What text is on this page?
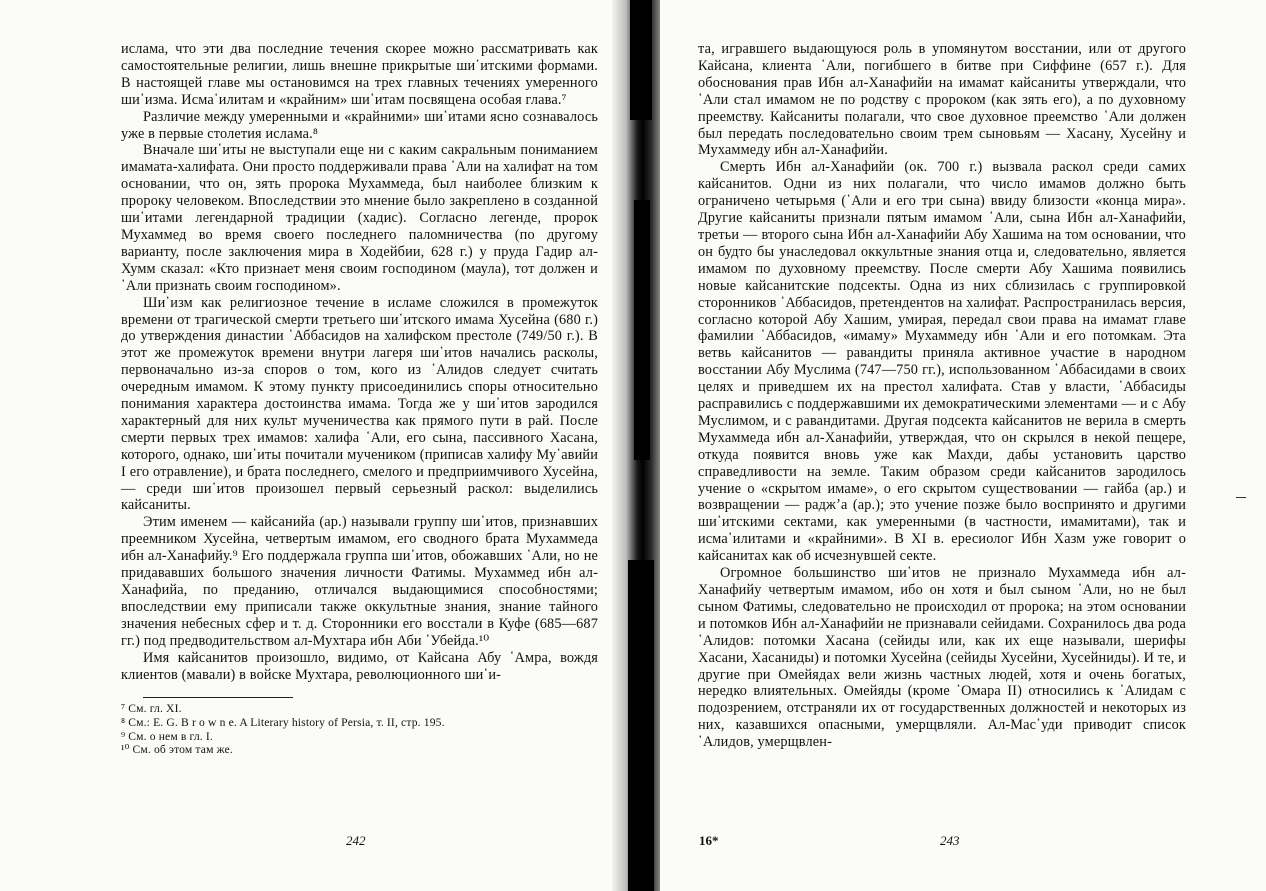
ислама, что эти два последние течения скорее можно рассматривать как самостоятельные религии, лишь внешне прикрытые ши῾итскими формами. В настоящей главе мы остановимся на трех главных течениях умеренного ши῾изма. Исма῾илитам и «крайним» ши῾итам посвящена особая глава.⁷

Различие между умеренными и «крайними» ши῾итами ясно сознавалось уже в первые столетия ислама.⁸

Вначале ши῾иты не выступали еще ни с каким сакральным пониманием имамата-халифата. Они просто поддерживали права ῾Али на халифат на том основании, что он, зять пророка Мухаммеда, был наиболее близким к пророку человеком. Впоследствии это мнение было закреплено в созданной ши῾итами легендарной традиции (хадис). Согласно легенде, пророк Мухаммед во время своего последнего паломничества (по другому варианту, после заключения мира в Ходейбии, 628 г.) у пруда Гадир ал-Хумм сказал: «Кто признает меня своим господином (маула), тот должен и ῾Али признать своим господином».

Ши῾изм как религиозное течение в исламе сложился в промежуток времени от трагической смерти третьего ши῾итского имама Хусейна (680 г.) до утверждения династии ῾Аббасидов на халифском престоле (749/50 г.). В этот же промежуток времени внутри лагеря ши῾итов начались расколы, первоначально из-за споров о том, кого из ῾Алидов следует считать очередным имамом. К этому пункту присоединились споры относительно понимания характера достоинства имама. Тогда же у ши῾итов зародился характерный для них культ мученичества как прямого пути в рай. После смерти первых трех имамов: халифа ῾Али, его сына, пассивного Хасана, которого, однако, ши῾иты почитали мучеником (приписав халифу Му῾авийи I его отравление), и брата последнего, смелого и предприимчивого Хусейна,— среди ши῾итов произошел первый серьезный раскол: выделились кайсаниты.

Этим именем — кайсанийа (ар.) называли группу ши῾итов, признавших преемником Хусейна, четвертым имамом, его сводного брата Мухаммеда ибн ал-Ханафийу.⁹ Его поддержала группа ши῾итов, обожавших ῾Али, но не придававших большого значения личности Фатимы. Мухаммед ибн ал-Ханафийа, по преданию, отличался выдающимися способностями; впоследствии ему приписали также оккультные знания, знание тайного значения небесных сфер и т. д. Сторонники его восстали в Куфе (685—687 гг.) под предводительством ал-Мухтара ибн Аби ῾Убейда.¹⁰

Имя кайсанитов произошло, видимо, от Кайсана Абу ῾Амра, вождя клиентов (мавали) в войске Мухтара, революционного ши῾и-

⁷ См. гл. XI.

⁸ См.: E. G. B r o w n e. A Literary history of Persia, т. II, стр. 195.

⁹ См. о нем в гл. I.

¹⁰ См. об этом там же.

242

та, игравшего выдающуюся роль в упомянутом восстании, или от другого Кайсана, клиента ῾Али, погибшего в битве при Сиффине (657 г.). Для обоснования прав Ибн ал-Ханафийи на имамат кайсаниты утверждали, что ῾Али стал имамом не по родству с пророком (как зять его), а по духовному преемству. Кайсаниты полагали, что свое духовное преемство ῾Али должен был передать последовательно своим трем сыновьям — Хасану, Хусейну и Мухаммеду ибн ал-Ханафийи.

Смерть Ибн ал-Ханафийи (ок. 700 г.) вызвала раскол среди самих кайсанитов. Одни из них полагали, что число имамов должно быть ограничено четырьмя (῾Али и его три сына) ввиду близости «конца мира». Другие кайсаниты признали пятым имамом ῾Али, сына Ибн ал-Ханафийи, третьи — второго сына Ибн ал-Ханафийи Абу Хашима на том основании, что он будто бы унаследовал оккультные знания отца и, следовательно, является имамом по духовному преемству. После смерти Абу Хашима появились новые кайсанитские подсекты. Одна из них сблизилась с группировкой сторонников ῾Аббасидов, претендентов на халифат. Распространилась версия, согласно которой Абу Хашим, умирая, передал свои права на имамат главе фамилии ῾Аббасидов, «имаму» Мухаммеду ибн ῾Али и его потомкам. Эта ветвь кайсанитов — равандиты приняла активное участие в народном восстании Абу Муслима (747—750 гг.), использованном ῾Аббасидами в своих целях и приведшем их на престол халифата. Став у власти, ῾Аббасиды расправились с поддержавшими их демократическими элементами — и с Абу Муслимом, и с равандитами. Другая подсекта кайсанитов не верила в смерть Мухаммеда ибн ал-Ханафийи, утверждая, что он скрылся в некой пещере, откуда появится вновь уже как Махди, дабы установить царство справедливости на земле. Таким образом среди кайсанитов зародилось учение о «скрытом имаме», о его скрытом существовании — гайба (ар.) и возвращении — раджʼа (ар.); это учение позже было воспринято и другими ши῾итскими сектами, как умеренными (в частности, имамитами), так и исма῾илитами и «крайними». В XI в. ересиолог Ибн Хазм уже говорит о кайсанитах как об исчезнувшей секте.

Огромное большинство ши῾итов не признало Мухаммеда ибн ал-Ханафийу четвертым имамом, ибо он хотя и был сыном ῾Али, но не был сыном Фатимы, следовательно не происходил от пророка; на этом основании и потомков Ибн ал-Ханафийи не признавали сейидами. Сохранилось два рода ῾Алидов: потомки Хасана (сейиды или, как их еще называли, шерифы Хасани, Хасаниды) и потомки Хусейна (сейиды Хусейни, Хусейниды). И те, и другие при Омейядах вели жизнь частных людей, хотя и очень богатых, нередко влиятельных. Омейяды (кроме ῾Омара II) относились к ῾Алидам с подозрением, отстраняли их от государственных должностей и некоторых из них, казавшихся опасными, умерщвляли. Ал-Мас῾уди приводит список ῾Алидов, умерщвлен-

16*	243
